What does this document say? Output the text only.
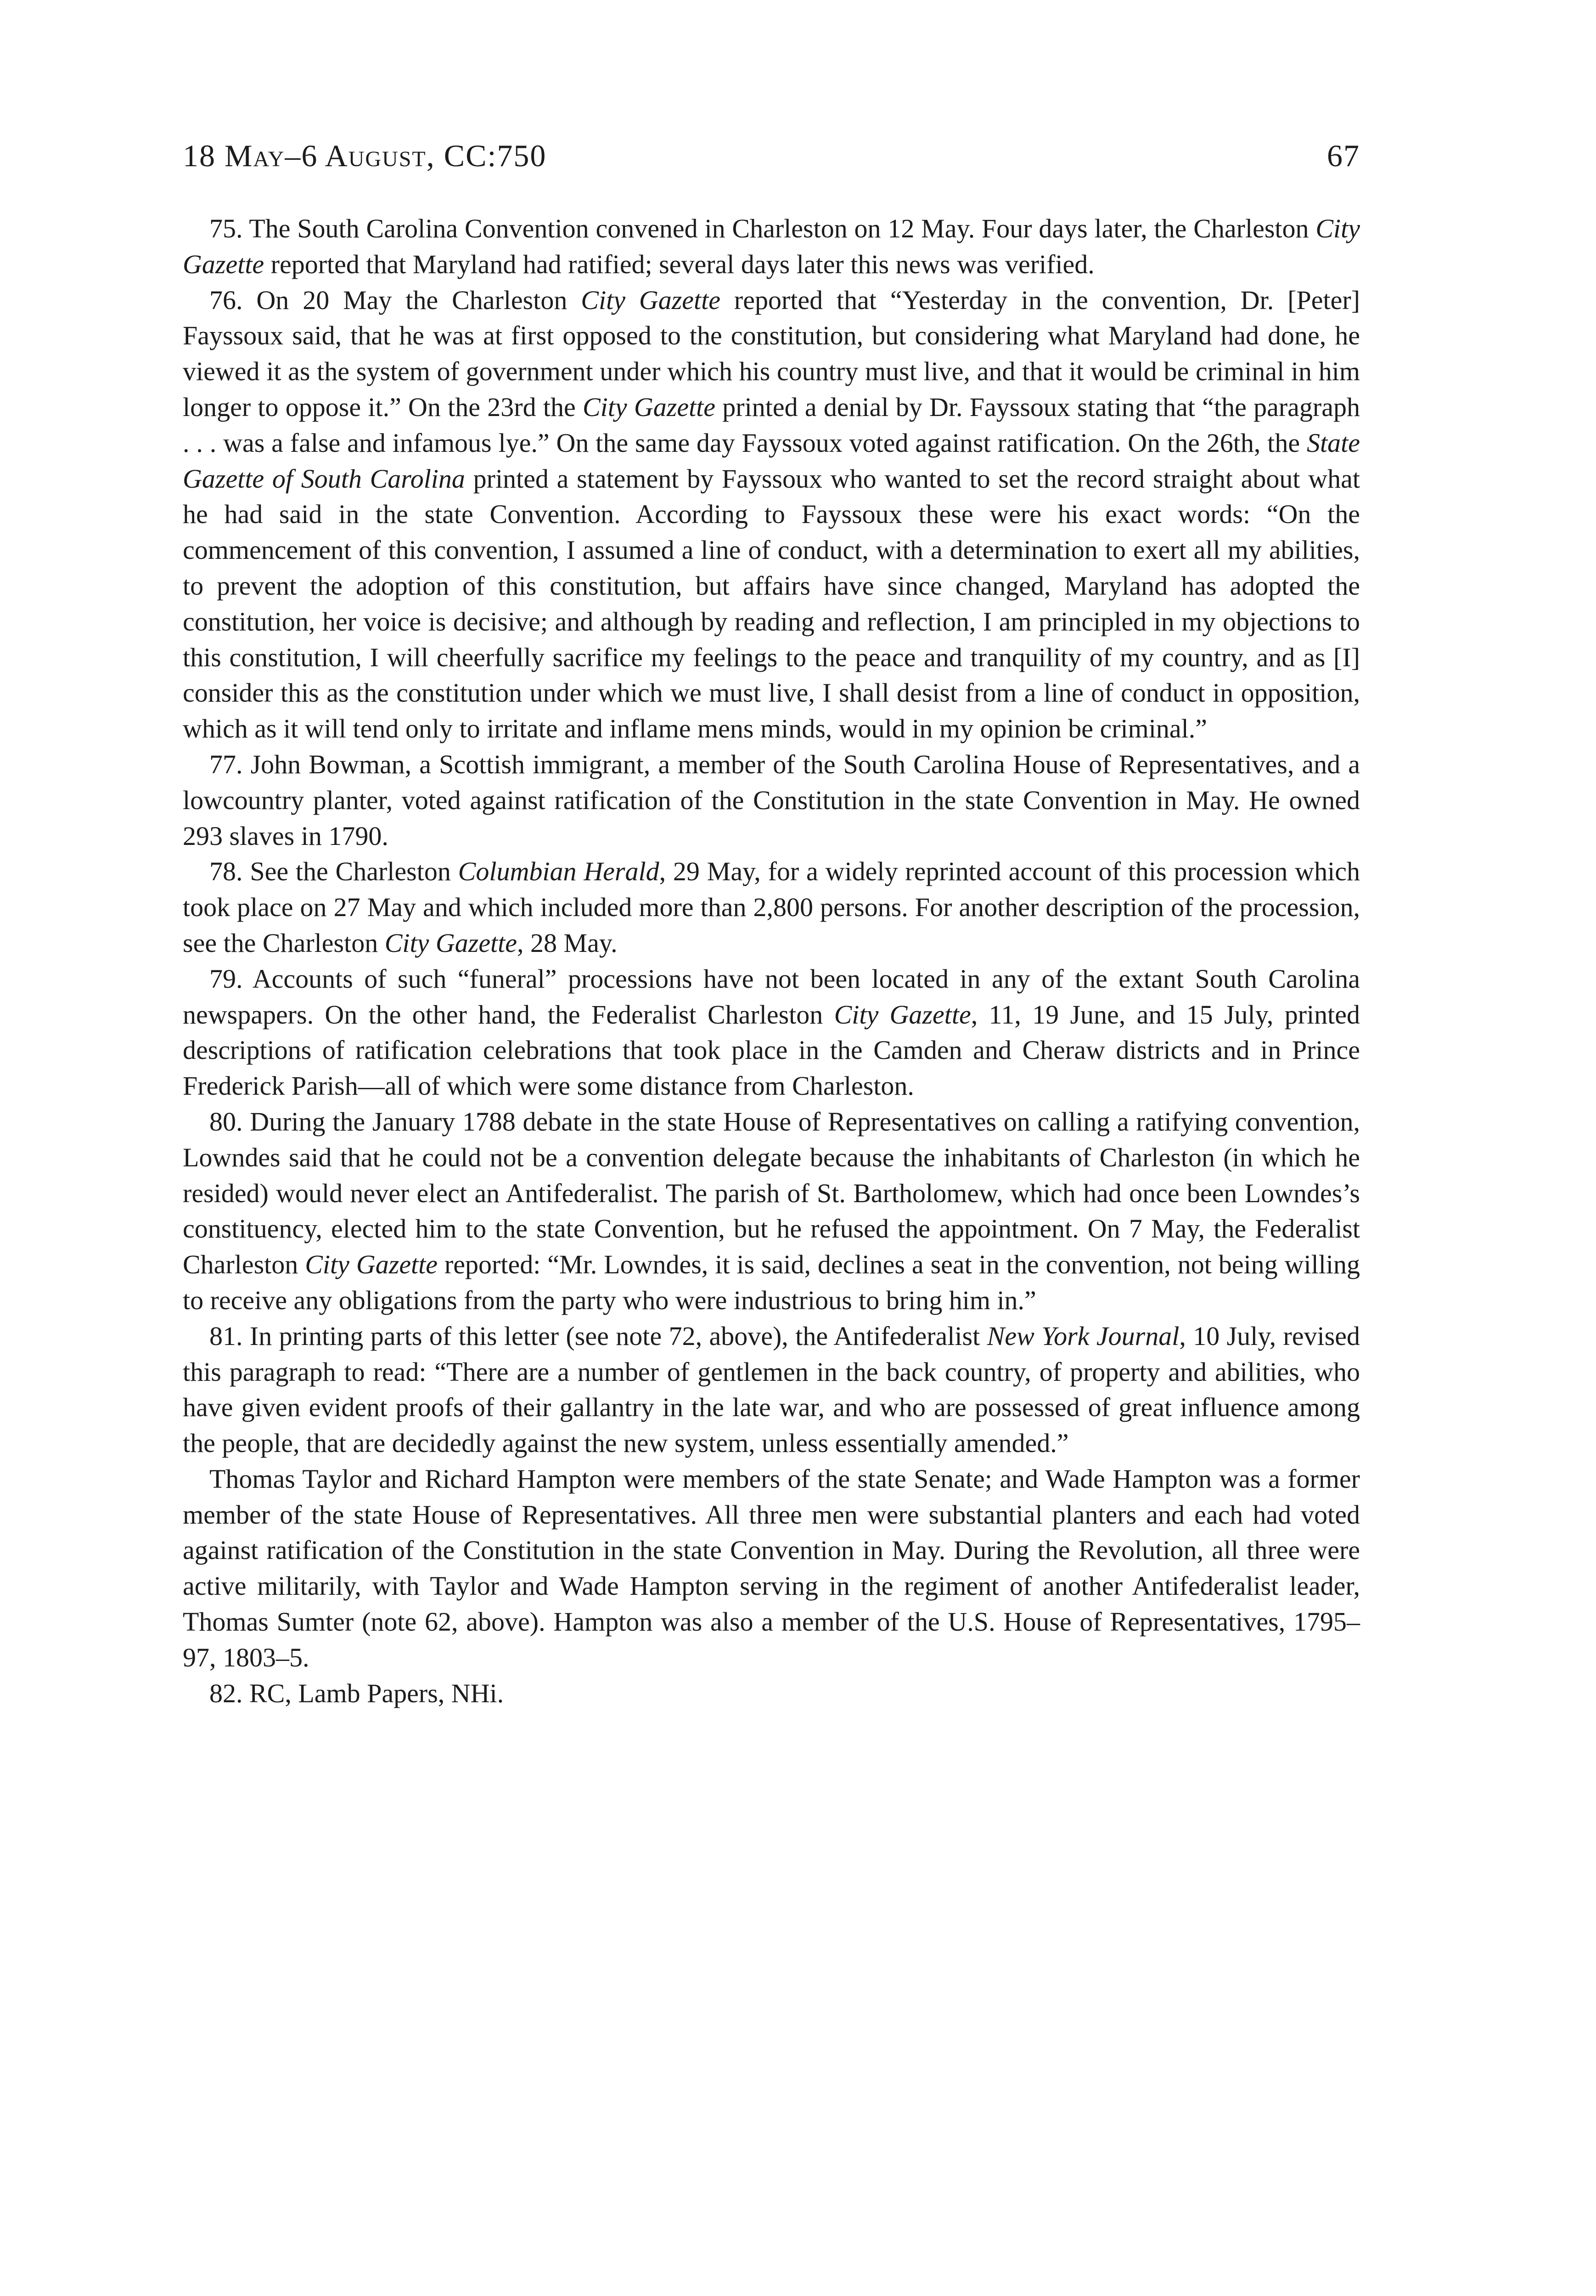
18 May–6 August, CC:750	67

75. The South Carolina Convention convened in Charleston on 12 May. Four days later, the Charleston City Gazette reported that Maryland had ratified; several days later this news was verified.

76. On 20 May the Charleston City Gazette reported that “Yesterday in the convention, Dr. [Peter] Fayssoux said, that he was at first opposed to the constitution, but considering what Maryland had done, he viewed it as the system of government under which his country must live, and that it would be criminal in him longer to oppose it.” On the 23rd the City Gazette printed a denial by Dr. Fayssoux stating that “the paragraph . . . was a false and infamous lye.” On the same day Fayssoux voted against ratification. On the 26th, the State Gazette of South Carolina printed a statement by Fayssoux who wanted to set the record straight about what he had said in the state Convention. According to Fayssoux these were his exact words: “On the commencement of this convention, I assumed a line of conduct, with a determination to exert all my abilities, to prevent the adoption of this constitution, but affairs have since changed, Maryland has adopted the constitution, her voice is decisive; and although by reading and reflection, I am principled in my objections to this constitution, I will cheerfully sacrifice my feelings to the peace and tranquility of my country, and as [I] consider this as the constitution under which we must live, I shall desist from a line of conduct in opposition, which as it will tend only to irritate and inflame mens minds, would in my opinion be criminal.”

77. John Bowman, a Scottish immigrant, a member of the South Carolina House of Representatives, and a lowcountry planter, voted against ratification of the Constitution in the state Convention in May. He owned 293 slaves in 1790.

78. See the Charleston Columbian Herald, 29 May, for a widely reprinted account of this procession which took place on 27 May and which included more than 2,800 persons. For another description of the procession, see the Charleston City Gazette, 28 May.

79. Accounts of such “funeral” processions have not been located in any of the extant South Carolina newspapers. On the other hand, the Federalist Charleston City Gazette, 11, 19 June, and 15 July, printed descriptions of ratification celebrations that took place in the Camden and Cheraw districts and in Prince Frederick Parish—all of which were some distance from Charleston.

80. During the January 1788 debate in the state House of Representatives on calling a ratifying convention, Lowndes said that he could not be a convention delegate because the inhabitants of Charleston (in which he resided) would never elect an Antifederalist. The parish of St. Bartholomew, which had once been Lowndes’s constituency, elected him to the state Convention, but he refused the appointment. On 7 May, the Federalist Charleston City Gazette reported: “Mr. Lowndes, it is said, declines a seat in the convention, not being willing to receive any obligations from the party who were industrious to bring him in.”

81. In printing parts of this letter (see note 72, above), the Antifederalist New York Journal, 10 July, revised this paragraph to read: “There are a number of gentlemen in the back country, of property and abilities, who have given evident proofs of their gallantry in the late war, and who are possessed of great influence among the people, that are decidedly against the new system, unless essentially amended.”

Thomas Taylor and Richard Hampton were members of the state Senate; and Wade Hampton was a former member of the state House of Representatives. All three men were substantial planters and each had voted against ratification of the Constitution in the state Convention in May. During the Revolution, all three were active militarily, with Taylor and Wade Hampton serving in the regiment of another Antifederalist leader, Thomas Sumter (note 62, above). Hampton was also a member of the U.S. House of Representatives, 1795–97, 1803–5.

82. RC, Lamb Papers, NHi.
